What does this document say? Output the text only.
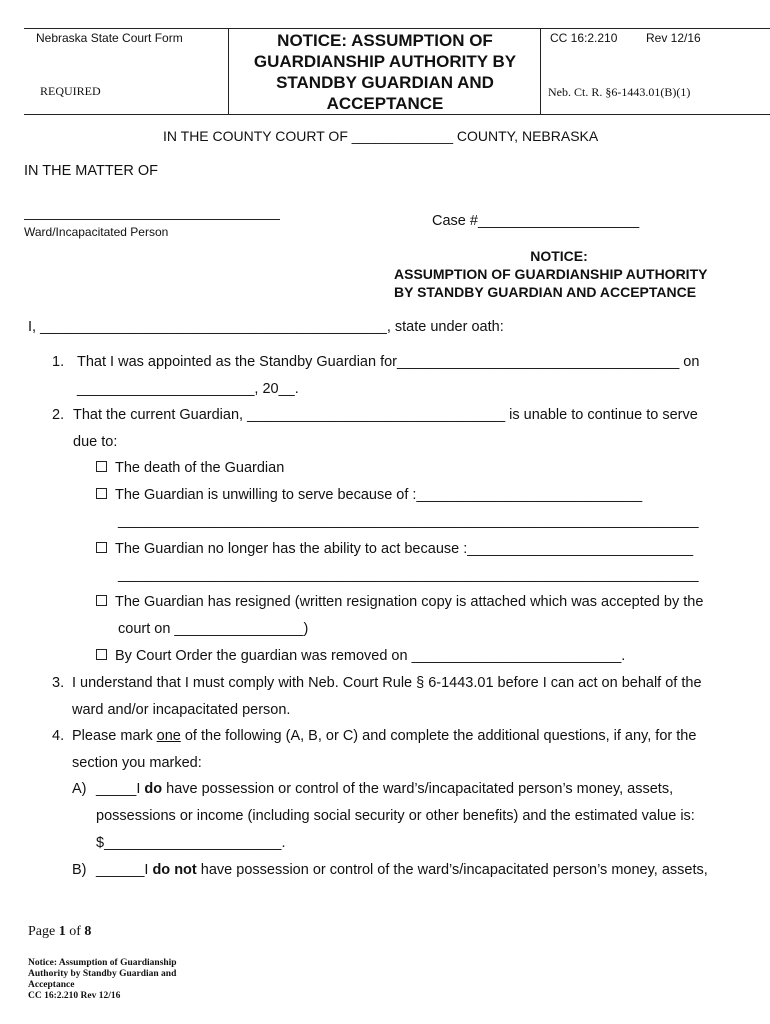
Nebraska State Court Form
REQUIRED
NOTICE: ASSUMPTION OF
GUARDIANSHIP AUTHORITY BY
STANDBY GUARDIAN AND
ACCEPTANCE
CC 16:2.210 Rev 12/16
Neb. Ct. R. §6-1443.01(B)(1)
IN THE COUNTY COURT OF _____________ COUNTY, NEBRASKA
IN THE MATTER OF
Ward/Incapacitated Person
Case #____________________
NOTICE:
ASSUMPTION OF GUARDIANSHIP AUTHORITY
BY STANDBY GUARDIAN AND ACCEPTANCE
I, ___________________________________________, state under oath:
1. That I was appointed as the Standby Guardian for___________________________________ on
______________________, 20__.
2. That the current Guardian, ________________________________ is unable to continue to serve
due to:
The death of the Guardian
The Guardian is unwilling to serve because of :____________________________
________________________________________________________________________
The Guardian no longer has the ability to act because :____________________________
________________________________________________________________________
The Guardian has resigned (written resignation copy is attached which was accepted by the
court on ________________)
By Court Order the guardian was removed on __________________________.
3. I understand that I must comply with Neb. Court Rule § 6-1443.01 before I can act on behalf of the
ward and/or incapacitated person.
4. Please mark one of the following (A, B, or C) and complete the additional questions, if any, for the
section you marked:
A) _____I do have possession or control of the ward’s/incapacitated person’s money, assets,
possessions or income (including social security or other benefits) and the estimated value is:
$______________________.
B) ______I do not have possession or control of the ward’s/incapacitated person’s money, assets,
Page 1 of 8
Notice: Assumption of Guardianship
Authority by Standby Guardian and
Acceptance
CC 16:2.210 Rev 12/16
